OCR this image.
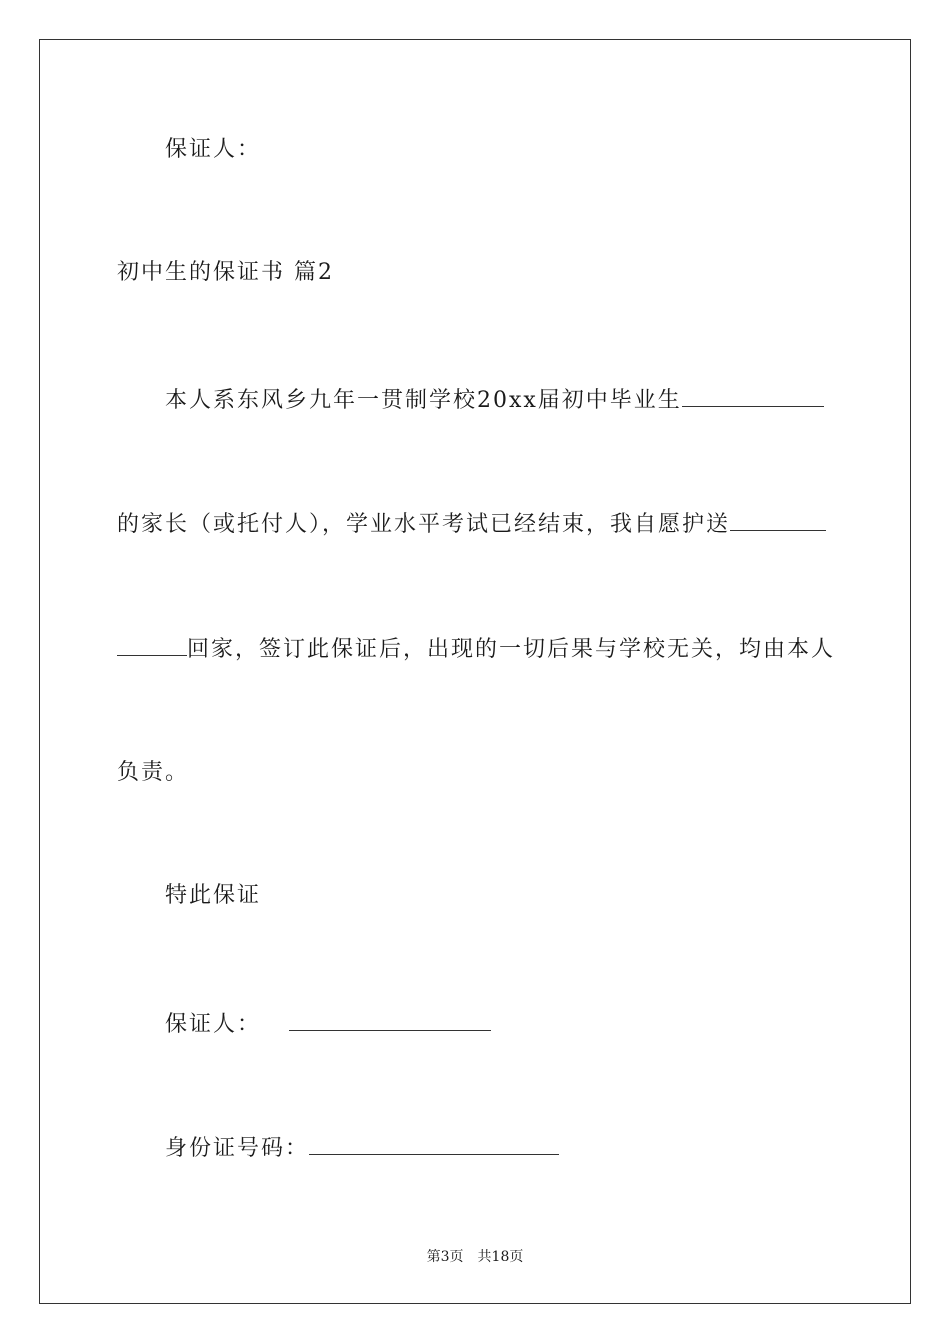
保证人：
初中生的保证书 篇2
本人系东风乡九年一贯制学校20xx届初中毕业生
的家长（或托付人），学业水平考试已经结束，我自愿护送
回家，签订此保证后，出现的一切后果与学校无关，均由本人
负责。
特此保证
保证人：
身份证号码：
第3页　共18页
